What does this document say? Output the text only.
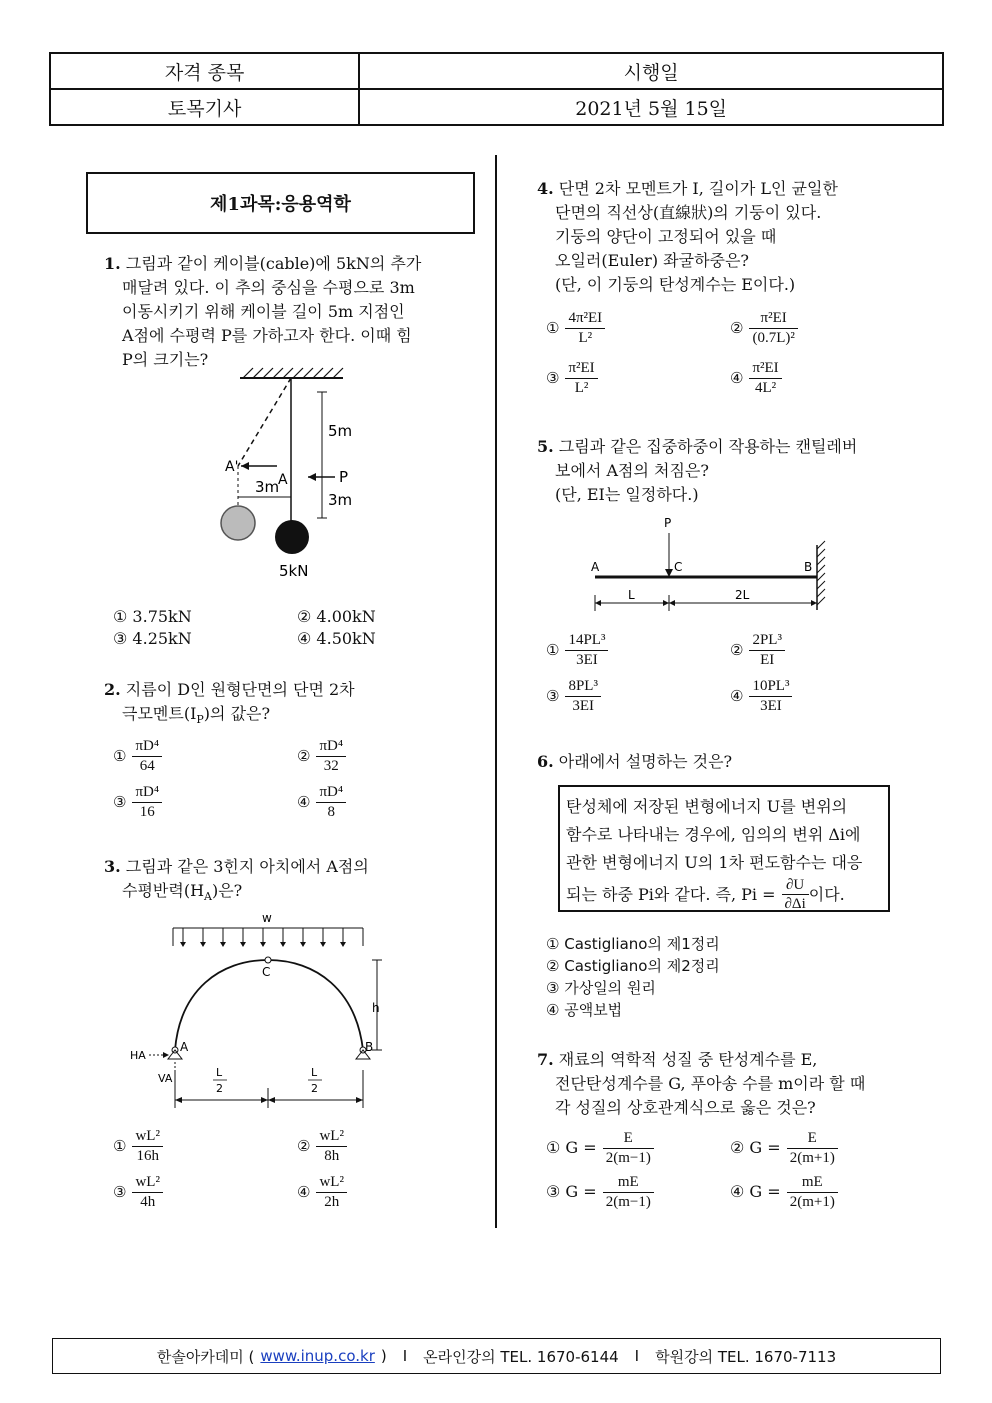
자격 종목	시행일
토목기사	2021년 5월 15일
제1과목:응용역학
1. 그림과 같이 케이블(cable)에 5kN의 추가
매달려 있다. 이 추의 중심을 수평으로 3m
이동시키기 위해 케이블 길이 5m 지점인
A점에 수평력 P를 가하고자 한다. 이때 힘
P의 크기는?
5m
A'
A
3m
P
3m
5kN
① 3.75kN	② 4.00kN
③ 4.25kN	④ 4.50kN
2. 지름이 D인 원형단면의 단면 2차
극모멘트$(I_P)$의 값은?
① $\frac{\text{πD⁴}}{64}$	② $\frac{\text{πD⁴}}{32}$
③ $\frac{\text{πD⁴}}{16}$	④ $\frac{\text{πD⁴}}{8}$
3. 그림과 같은 3힌지 아치에서 A점의
수평반력$(H_A)$은?
w
C
h
A	B
HA
VA	L
2
L
2
① $\frac{\text{wL²}}{16h}$	② $\frac{\text{wL²}}{8h}$
③ $\frac{\text{wL²}}{4h}$	④ $\frac{\text{wL²}}{2h}$
4. 단면 2차 모멘트가 I, 길이가 L인 균일한
단면의 직선상(直線狀)의 기둥이 있다.
기둥의 양단이 고정되어 있을 때
오일러(Euler) 좌굴하중은?
(단, 이 기둥의 탄성계수는 E이다.)
① $\frac{\text{4π²EI}}{\text{L²}}$	② $\frac{\text{π²EI}}{\text{(0.7L)²}}$
③ $\frac{\text{π²EI}}{\text{L²}}$	④ $\frac{\text{π²EI}}{\text{4L²}}$
5. 그림과 같은 집중하중이 작용하는 캔틸레버
보에서 A점의 처짐은?
(단, EI는 일정하다.)
P
A	C	B
L	2L
① $\frac{\text{14PL³}}{3EI}$	② $\frac{\text{2PL³}}{EI}$
③ $\frac{\text{8PL³}}{3EI}$	④ $\frac{\text{10PL³}}{3EI}$
6. 아래에서 설명하는 것은?
탄성체에 저장된 변형에너지 U를 변위의
함수로 나타내는 경우에, 임의의 변위 Δi에
관한 변형에너지 U의 1차 편도함수는 대응
되는 하중 Pi와 같다. 즉, $Pi = \frac{\partial U}{\partial\Delta i}$ 이다.
① Castigliano의 제1정리
② Castigliano의 제2정리
③ 가상일의 원리
④ 공액보법
7. 재료의 역학적 성질 중 탄성계수를 E,
전단탄성계수를 G, 푸아송 수를 m이라 할 때
각 성질의 상호관계식으로 옳은 것은?
① $G = \frac{E}{2(m-1)}$	② $G = \frac{E}{2(m+1)}$
③ $G = \frac{mE}{2(m-1)}$	④ $G = \frac{mE}{2(m+1)}$
한솔아카데미 ( www.inup.co.kr ) I 온라인강의 TEL. 1670-6144 I 학원강의 TEL. 1670-7113
